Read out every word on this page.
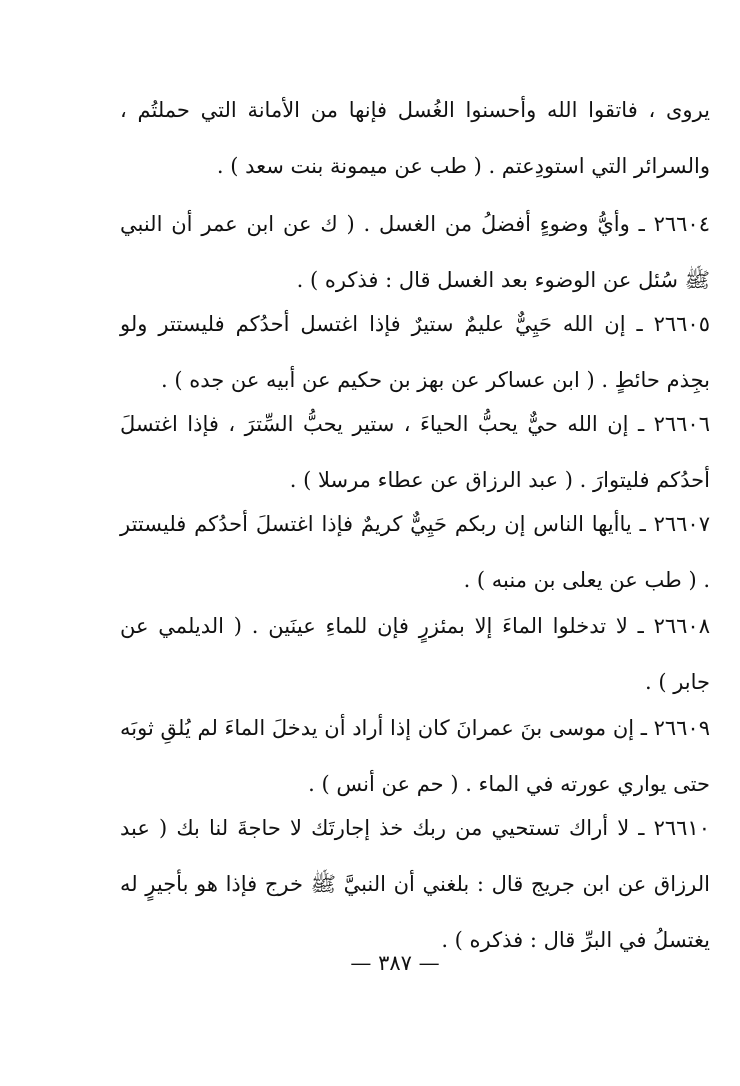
يروى ، فاتقوا الله وأحسنوا الغُسل فإنها من الأمانة التي حملتُم ، والسرائر التي استودِعتم . ( طب عن ميمونة بنت سعد ) .
٢٦٦٠٤ ـ وأيُّ وضوءٍ أفضلُ من الغسل . ( ك عن ابن عمر أن النبي ﷺ سُئل عن الوضوء بعد الغسل قال : فذكره ) .
٢٦٦٠٥ ـ إن الله حَيِيٌّ عليمٌ ستيرٌ فإذا اغتسل أحدُكم فليستتر ولو بجِذم حائطٍ . ( ابن عساكر عن بهز بن حكيم عن أبيه عن جده ) .
٢٦٦٠٦ ـ إن الله حيٌّ يحبُّ الحياءَ ، ستير يحبُّ السِّترَ ، فإذا اغتسلَ أحدُكم فليتوارَ . ( عبد الرزاق عن عطاء مرسلا ) .
٢٦٦٠٧ ـ ياأيها الناس إن ربكم حَيِيٌّ كريمٌ فإذا اغتسلَ أحدُكم فليستتر . ( طب عن يعلى بن منبه ) .
٢٦٦٠٨ ـ لا تدخلوا الماءَ إلا بمئزرٍ فإن للماءِ عينَين . ( الديلمي عن جابر ) .
٢٦٦٠٩ ـ إن موسى بنَ عمرانَ كان إذا أراد أن يدخلَ الماءَ لم يُلقِ ثوبَه حتى يواري عورته في الماء . ( حم عن أنس ) .
٢٦٦١٠ ـ لا أراك تستحيي من ربك خذ إجارتَك لا حاجةَ لنا بك ( عبد الرزاق عن ابن جريج قال : بلغني أن النبيَّ ﷺ خرج فإذا هو بأجيرٍ له يغتسلُ في البرِّ قال : فذكره ) .
— ٣٨٧ —
